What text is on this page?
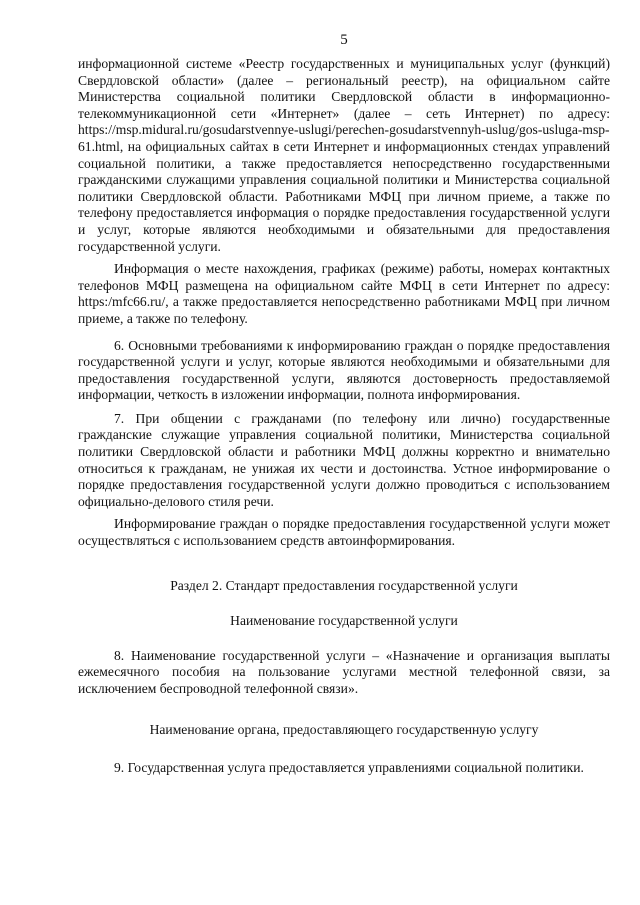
5

информационной системе «Реестр государственных и муниципальных услуг (функций) Свердловской области» (далее – региональный реестр), на официальном сайте Министерства социальной политики Свердловской области в информационно-телекоммуникационной сети «Интернет» (далее – сеть Интернет) по адресу: https://msp.midural.ru/gosudarstvennye-uslugi/perechen-gosudarstvennyh-uslug/gos-usluga-msp-61.html, на официальных сайтах в сети Интернет и информационных стендах управлений социальной политики, а также предоставляется непосредственно государственными гражданскими служащими управления социальной политики и Министерства социальной политики Свердловской области. Работниками МФЦ при личном приеме, а также по телефону предоставляется информация о порядке предоставления государственной услуги и услуг, которые являются необходимыми и обязательными для предоставления государственной услуги.

Информация о месте нахождения, графиках (режиме) работы, номерах контактных телефонов МФЦ размещена на официальном сайте МФЦ в сети Интернет по адресу: https:/mfc66.ru/, а также предоставляется непосредственно работниками МФЦ при личном приеме, а также по телефону.

6. Основными требованиями к информированию граждан о порядке предоставления государственной услуги и услуг, которые являются необходимыми и обязательными для предоставления государственной услуги, являются достоверность предоставляемой информации, четкость в изложении информации, полнота информирования.

7. При общении с гражданами (по телефону или лично) государственные гражданские служащие управления социальной политики, Министерства социальной политики Свердловской области и работники МФЦ должны корректно и внимательно относиться к гражданам, не унижая их чести и достоинства. Устное информирование о порядке предоставления государственной услуги должно проводиться с использованием официально-делового стиля речи.

Информирование граждан о порядке предоставления государственной услуги может осуществляться с использованием средств автоинформирования.

Раздел 2. Стандарт предоставления государственной услуги

Наименование государственной услуги

8. Наименование государственной услуги – «Назначение и организация выплаты ежемесячного пособия на пользование услугами местной телефонной связи, за исключением беспроводной телефонной связи».

Наименование органа, предоставляющего государственную услугу

9. Государственная услуга предоставляется управлениями социальной политики.
